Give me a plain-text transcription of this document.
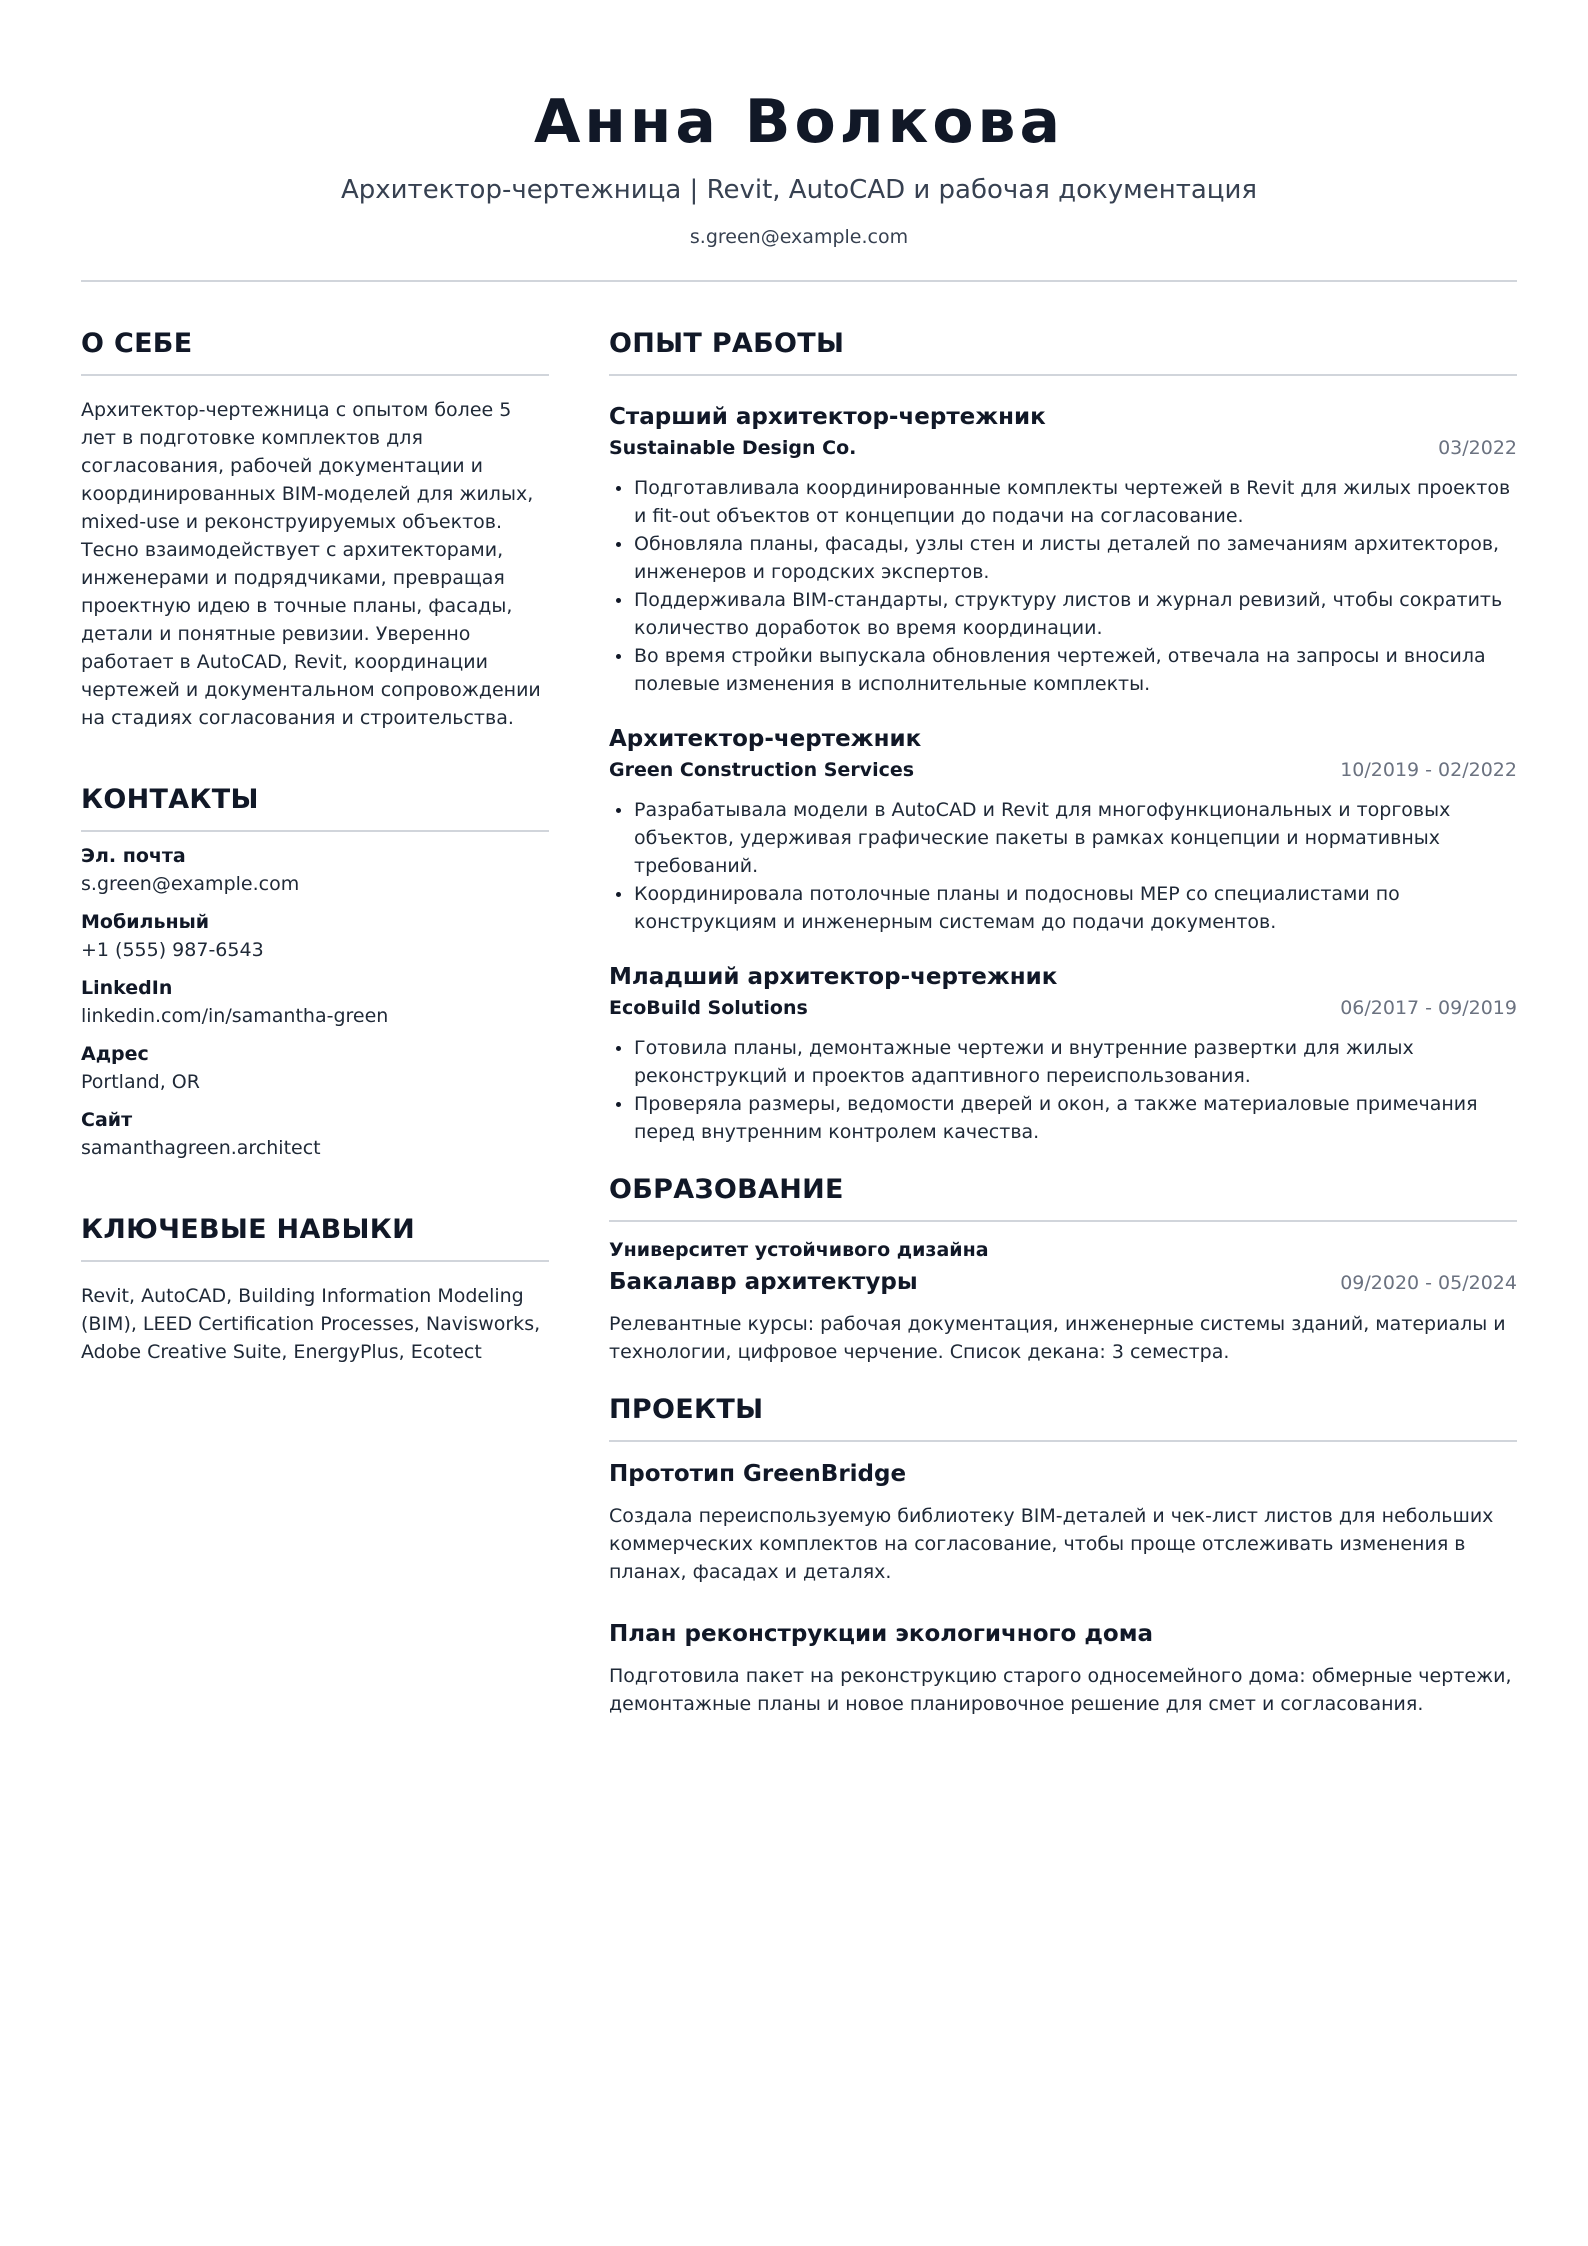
Анна Волкова
Архитектор-чертежница | Revit, AutoCAD и рабочая документация
s.green@example.com
О СЕБЕ
Архитектор-чертежница с опытом более 5 лет в подготовке комплектов для согласования, рабочей документации и координированных BIM-моделей для жилых, mixed-use и реконструируемых объектов. Тесно взаимодействует с архитекторами, инженерами и подрядчиками, превращая проектную идею в точные планы, фасады, детали и понятные ревизии. Уверенно работает в AutoCAD, Revit, координации чертежей и документальном сопровождении на стадиях согласования и строительства.
КОНТАКТЫ
Эл. почта
s.green@example.com
Мобильный
+1 (555) 987-6543
LinkedIn
linkedin.com/in/samantha-green
Адрес
Portland, OR
Сайт
samanthagreen.architect
КЛЮЧЕВЫЕ НАВЫКИ
Revit, AutoCAD, Building Information Modeling (BIM), LEED Certification Processes, Navisworks, Adobe Creative Suite, EnergyPlus, Ecotect
ОПЫТ РАБОТЫ
Старший архитектор-чертежник
Sustainable Design Co.	03/2022
Подготавливала координированные комплекты чертежей в Revit для жилых проектов и fit-out объектов от концепции до подачи на согласование.
Обновляла планы, фасады, узлы стен и листы деталей по замечаниям архитекторов, инженеров и городских экспертов.
Поддерживала BIM-стандарты, структуру листов и журнал ревизий, чтобы сократить количество доработок во время координации.
Во время стройки выпускала обновления чертежей, отвечала на запросы и вносила полевые изменения в исполнительные комплекты.
Архитектор-чертежник
Green Construction Services	10/2019 - 02/2022
Разрабатывала модели в AutoCAD и Revit для многофункциональных и торговых объектов, удерживая графические пакеты в рамках концепции и нормативных требований.
Координировала потолочные планы и подосновы MEP со специалистами по конструкциям и инженерным системам до подачи документов.
Младший архитектор-чертежник
EcoBuild Solutions	06/2017 - 09/2019
Готовила планы, демонтажные чертежи и внутренние развертки для жилых реконструкций и проектов адаптивного переиспользования.
Проверяла размеры, ведомости дверей и окон, а также материаловые примечания перед внутренним контролем качества.
ОБРАЗОВАНИЕ
Университет устойчивого дизайна
Бакалавр архитектуры	09/2020 - 05/2024
Релевантные курсы: рабочая документация, инженерные системы зданий, материалы и технологии, цифровое черчение. Список декана: 3 семестра.
ПРОЕКТЫ
Прототип GreenBridge
Создала переиспользуемую библиотеку BIM-деталей и чек-лист листов для небольших коммерческих комплектов на согласование, чтобы проще отслеживать изменения в планах, фасадах и деталях.
План реконструкции экологичного дома
Подготовила пакет на реконструкцию старого односемейного дома: обмерные чертежи, демонтажные планы и новое планировочное решение для смет и согласования.
